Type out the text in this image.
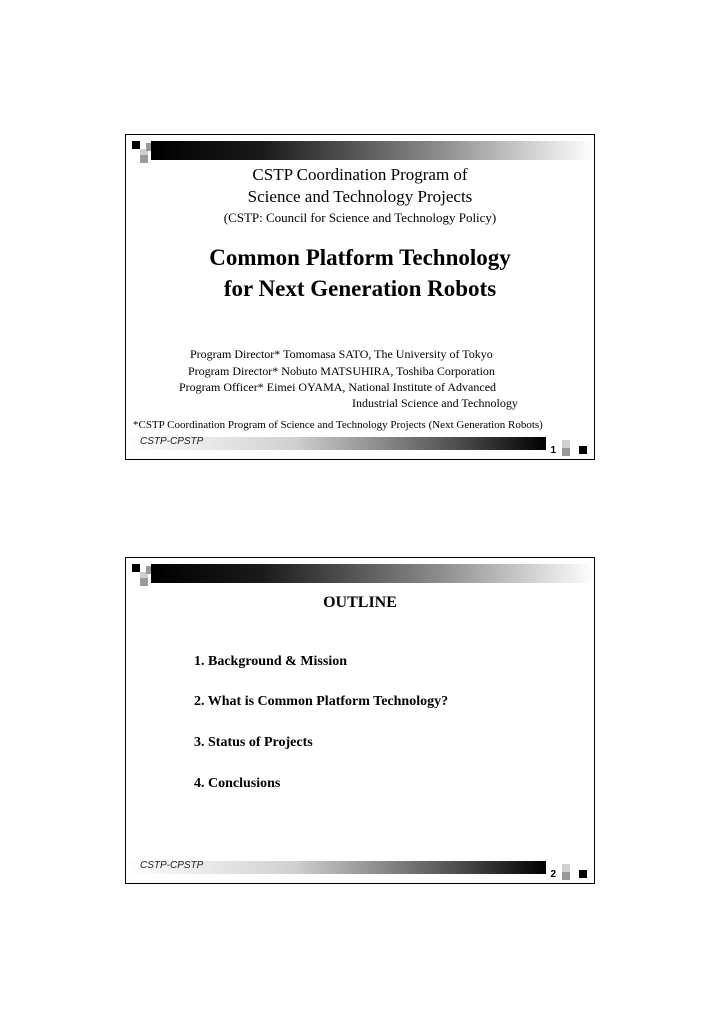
CSTP Coordination Program of
Science and Technology Projects
(CSTP: Council for Science and Technology Policy)
Common Platform Technology
for Next Generation Robots
Program Director* Tomomasa SATO, The University of Tokyo
Program Director* Nobuto MATSUHIRA, Toshiba Corporation
Program Officer* Eimei OYAMA, National Institute of Advanced
Industrial Science and Technology
*CSTP Coordination Program of Science and Technology Projects (Next Generation Robots)
CSTP-CPSTP
1
OUTLINE
1. Background & Mission
2. What is Common Platform Technology?
3. Status of Projects
4. Conclusions
CSTP-CPSTP
2
